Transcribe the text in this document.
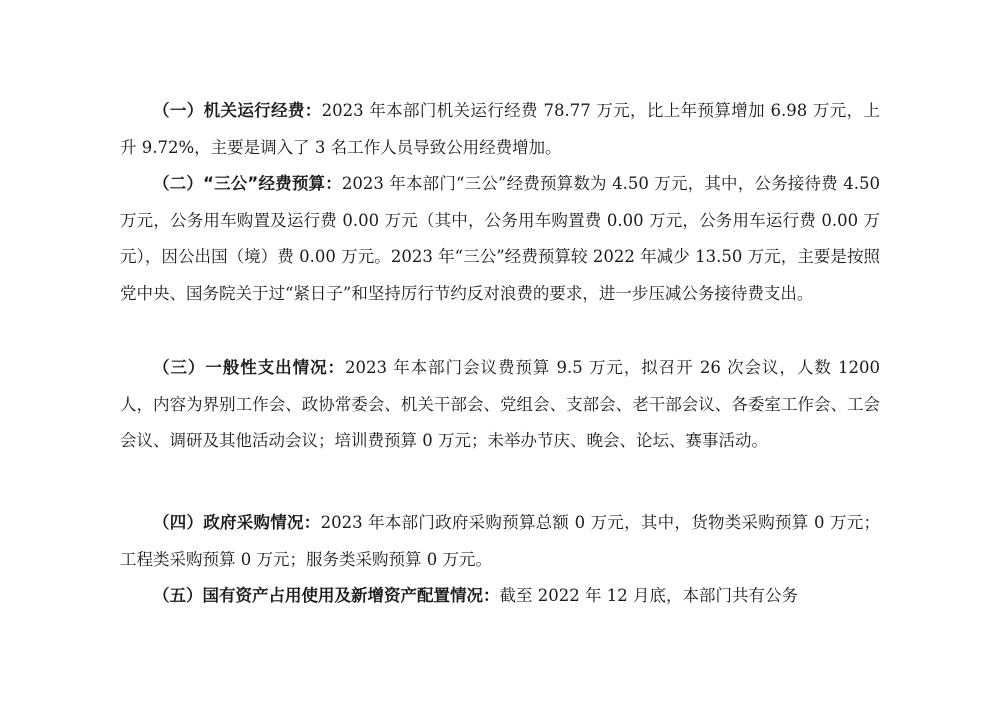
（一）机关运行经费：2023 年本部门机关运行经费 78.77 万元，比上年预算增加 6.98 万元，上升 9.72%，主要是调入了 3 名工作人员导致公用经费增加。

（二）“三公”经费预算：2023 年本部门“三公”经费预算数为 4.50 万元，其中，公务接待费 4.50 万元，公务用车购置及运行费 0.00 万元（其中，公务用车购置费 0.00 万元，公务用车运行费 0.00 万元），因公出国（境）费 0.00 万元。2023 年“三公”经费预算较 2022 年减少 13.50 万元，主要是按照党中央、国务院关于过“紧日子”和坚持厉行节约反对浪费的要求，进一步压减公务接待费支出。

（三）一般性支出情况：2023 年本部门会议费预算 9.5 万元，拟召开 26 次会议，人数 1200 人，内容为界别工作会、政协常委会、机关干部会、党组会、支部会、老干部会议、各委室工作会、工会会议、调研及其他活动会议；培训费预算 0 万元；未举办节庆、晚会、论坛、赛事活动。

（四）政府采购情况：2023 年本部门政府采购预算总额 0 万元，其中，货物类采购预算 0 万元；工程类采购预算 0 万元；服务类采购预算 0 万元。

（五）国有资产占用使用及新增资产配置情况：截至 2022 年 12 月底，本部门共有公务
